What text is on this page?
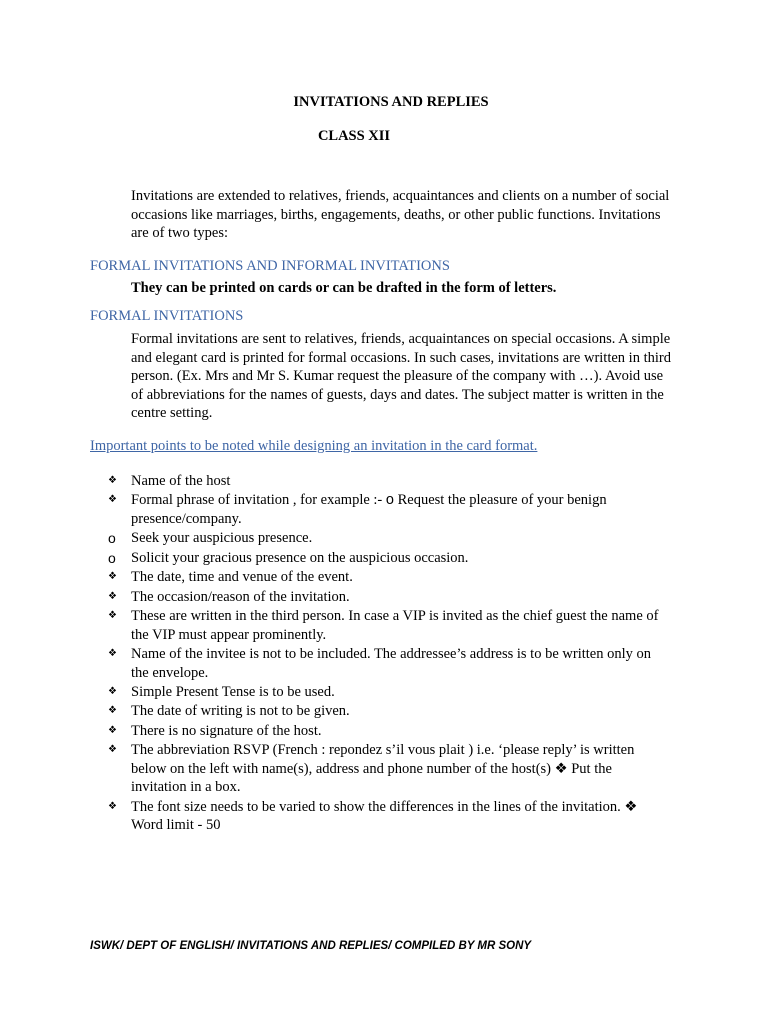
INVITATIONS AND REPLIES
CLASS XII
Invitations are extended to relatives, friends, acquaintances and clients on a number of social occasions like marriages, births, engagements, deaths, or other public functions. Invitations are of two types:
FORMAL INVITATIONS AND INFORMAL INVITATIONS
They can be printed on cards or can be drafted in the form of letters.
FORMAL INVITATIONS
Formal invitations are sent to relatives, friends, acquaintances on special occasions. A simple and elegant card is printed for formal occasions. In such cases, invitations are written in third person. (Ex. Mrs and Mr S. Kumar request the pleasure of the company with …). Avoid use of abbreviations for the names of guests, days and dates. The subject matter is written in the centre setting.
Important points to be noted while designing an invitation in the card format.
❖ Name of the host
❖ Formal phrase of invitation , for example :- o Request the pleasure of your benign presence/company.
o	Seek your auspicious presence.
o	Solicit your gracious presence on the auspicious occasion.
❖ The date, time and venue of the event.
❖ The occasion/reason of the invitation.
❖ These are written in the third person. In case a VIP is invited as the chief guest the name of the VIP must appear prominently.
❖ Name of the invitee is not to be included. The addressee’s address is to be written only on the envelope.
❖ Simple Present Tense is to be used.
❖ The date of writing is not to be given.
❖ There is no signature of the host.
❖ The abbreviation RSVP (French : repondez s’il vous plait ) i.e. ‘please reply’ is written below on the left with name(s), address and phone number of the host(s) ❖ Put the invitation in a box.
❖ The font size needs to be varied to show the differences in the lines of the invitation. ❖ Word limit - 50
ISWK/ DEPT OF ENGLISH/ INVITATIONS AND REPLIES/ COMPILED BY MR SONY
